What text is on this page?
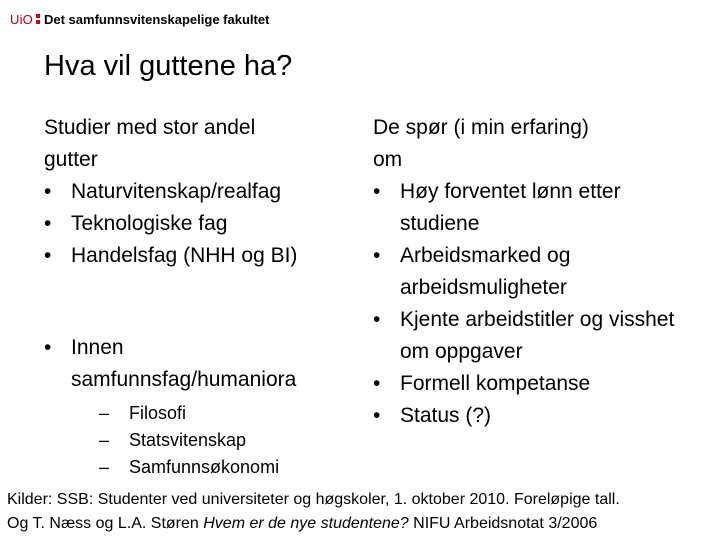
UiO Det samfunnsvitenskapelige fakultet
Hva vil guttene ha?
Studier med stor andel
gutter
• Naturvitenskap/realfag
• Teknologiske fag
• Handelsfag (NHH og BI)
• Innen samfunnsfag/humaniora
– Filosofi
– Statsvitenskap
– Samfunnsøkonomi
De spør (i min erfaring)
om
• Høy forventet lønn etter studiene
• Arbeidsmarked og arbeidsmuligheter
• Kjente arbeidstitler og visshet om oppgaver
• Formell kompetanse
• Status (?)
Kilder: SSB: Studenter ved universiteter og høgskoler, 1. oktober 2010. Foreløpige tall.
Og T. Næss og L.A. Støren Hvem er de nye studentene? NIFU Arbeidsnotat 3/2006
